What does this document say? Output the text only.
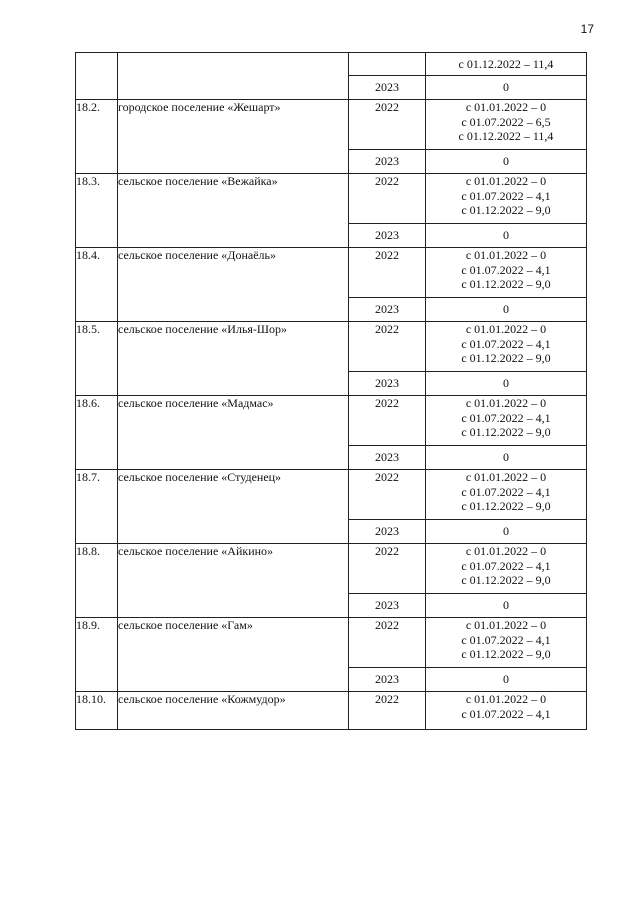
17

			с 01.12.2022 – 11,4

		2023	0
18.2.	городское поселение «Жешарт»	2022	с 01.01.2022 – 0
с 01.07.2022 – 6,5
с 01.12.2022 – 11,4

		2023	0
18.3.	сельское поселение «Вежайка»	2022	с 01.01.2022 – 0
с 01.07.2022 – 4,1
с 01.12.2022 – 9,0

		2023	0
18.4.	сельское поселение «Донаёль»	2022	с 01.01.2022 – 0
с 01.07.2022 – 4,1
с 01.12.2022 – 9,0

		2023	0
18.5.	сельское поселение «Илья-Шор»	2022	с 01.01.2022 – 0
с 01.07.2022 – 4,1
с 01.12.2022 – 9,0

		2023	0
18.6.	сельское поселение «Мадмас»	2022	с 01.01.2022 – 0
с 01.07.2022 – 4,1
с 01.12.2022 – 9,0

		2023	0
18.7.	сельское поселение «Студенец»	2022	с 01.01.2022 – 0
с 01.07.2022 – 4,1
с 01.12.2022 – 9,0

		2023	0
18.8.	сельское поселение «Айкино»	2022	с 01.01.2022 – 0
с 01.07.2022 – 4,1
с 01.12.2022 – 9,0

		2023	0
18.9.	сельское поселение «Гам»	2022	с 01.01.2022 – 0
с 01.07.2022 – 4,1
с 01.12.2022 – 9,0

		2023	0
18.10.	сельское поселение «Кожмудор»	2022	с 01.01.2022 – 0
с 01.07.2022 – 4,1
